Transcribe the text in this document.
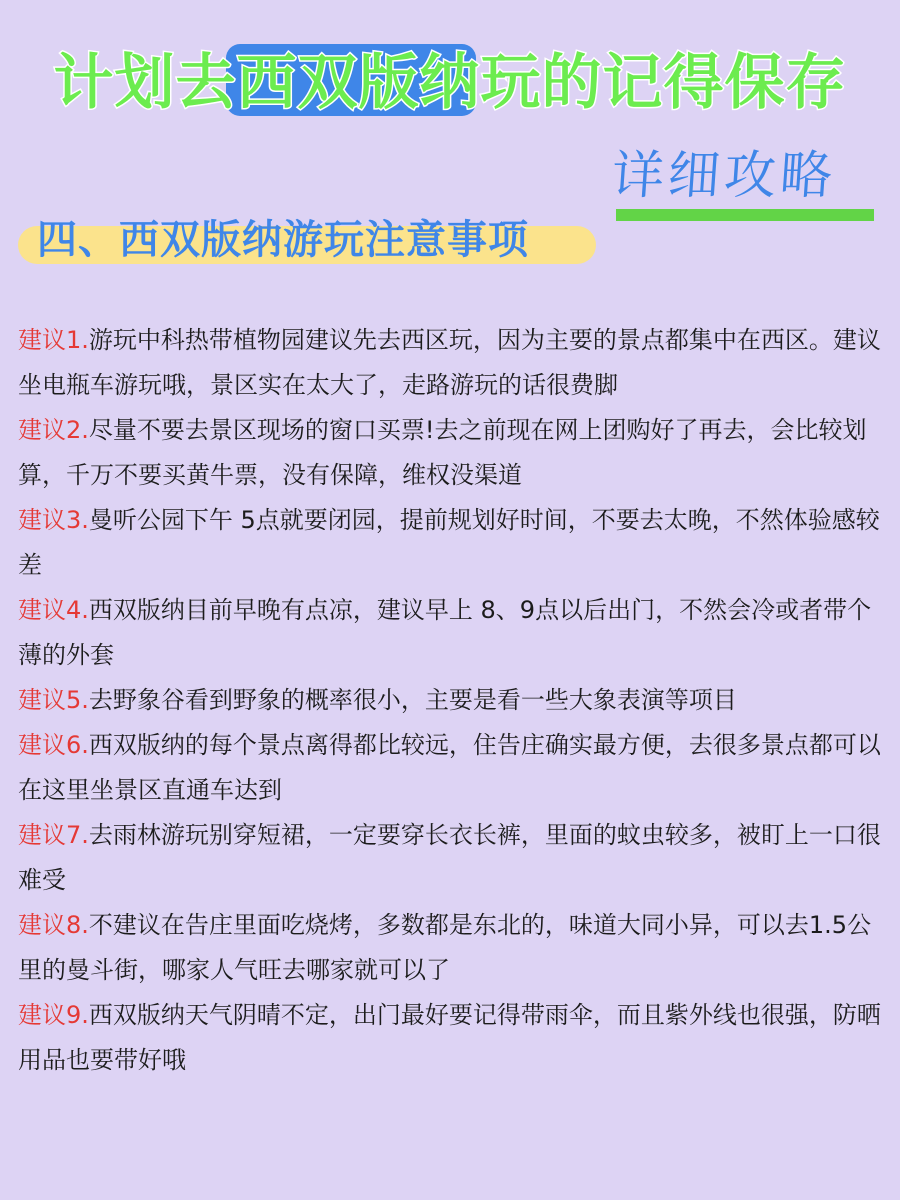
计划去西双版纳玩的记得保存
详细攻略
四、西双版纳游玩注意事项

建议1.游玩中科热带植物园建议先去西区玩，因为主要的景点都集中在西区。建议坐电瓶车游玩哦，景区实在太大了，走路游玩的话很费脚

建议2.尽量不要去景区现场的窗口买票!去之前现在网上团购好了再去，会比较划算，千万不要买黄牛票，没有保障，维权没渠道

建议3.曼听公园下午 5点就要闭园，提前规划好时间，不要去太晚，不然体验感较差

建议4.西双版纳目前早晚有点凉，建议早上 8、9点以后出门，不然会冷或者带个薄的外套

建议5.去野象谷看到野象的概率很小，主要是看一些大象表演等项目

建议6.西双版纳的每个景点离得都比较远，住告庄确实最方便，去很多景点都可以在这里坐景区直通车达到

建议7.去雨林游玩别穿短裙，一定要穿长衣长裤，里面的蚊虫较多，被盯上一口很难受

建议8.不建议在告庄里面吃烧烤，多数都是东北的，味道大同小异，可以去1.5公里的曼斗街，哪家人气旺去哪家就可以了

建议9.西双版纳天气阴晴不定，出门最好要记得带雨伞，而且紫外线也很强，防晒用品也要带好哦
